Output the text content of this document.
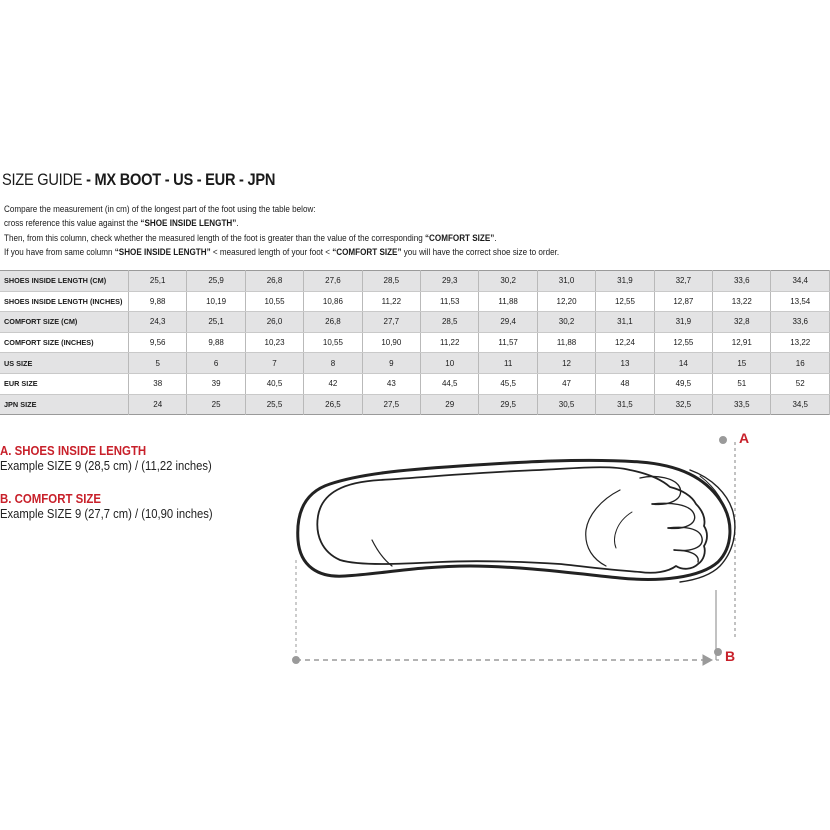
SIZE GUIDE - MX BOOT - US - EUR - JPN
Compare the measurement (in cm) of the longest part of the foot using the table below:
cross reference this value against the “SHOE INSIDE LENGTH”.
Then, from this column, check whether the measured length of the foot is greater than the value of the corresponding “COMFORT SIZE”.
If you have from same column “SHOE INSIDE LENGTH” < measured length of your foot < “COMFORT SIZE” you will have the correct shoe size to order.
SHOES INSIDE LENGTH (CM)	25,1	25,9	26,8	27,6	28,5	29,3	30,2	31,0	31,9	32,7	33,6	34,4
SHOES INSIDE LENGTH (INCHES)	9,88	10,19	10,55	10,86	11,22	11,53	11,88	12,20	12,55	12,87	13,22	13,54
COMFORT SIZE (CM)	24,3	25,1	26,0	26,8	27,7	28,5	29,4	30,2	31,1	31,9	32,8	33,6
COMFORT SIZE (INCHES)	9,56	9,88	10,23	10,55	10,90	11,22	11,57	11,88	12,24	12,55	12,91	13,22
US SIZE	5	6	7	8	9	10	11	12	13	14	15	16
EUR SIZE	38	39	40,5	42	43	44,5	45,5	47	48	49,5	51	52
JPN SIZE	24	25	25,5	26,5	27,5	29	29,5	30,5	31,5	32,5	33,5	34,5
A. SHOES INSIDE LENGTH
Example SIZE 9 (28,5 cm) / (11,22 inches)
B. COMFORT SIZE
Example SIZE 9 (27,7 cm) / (10,90 inches)
A
B
